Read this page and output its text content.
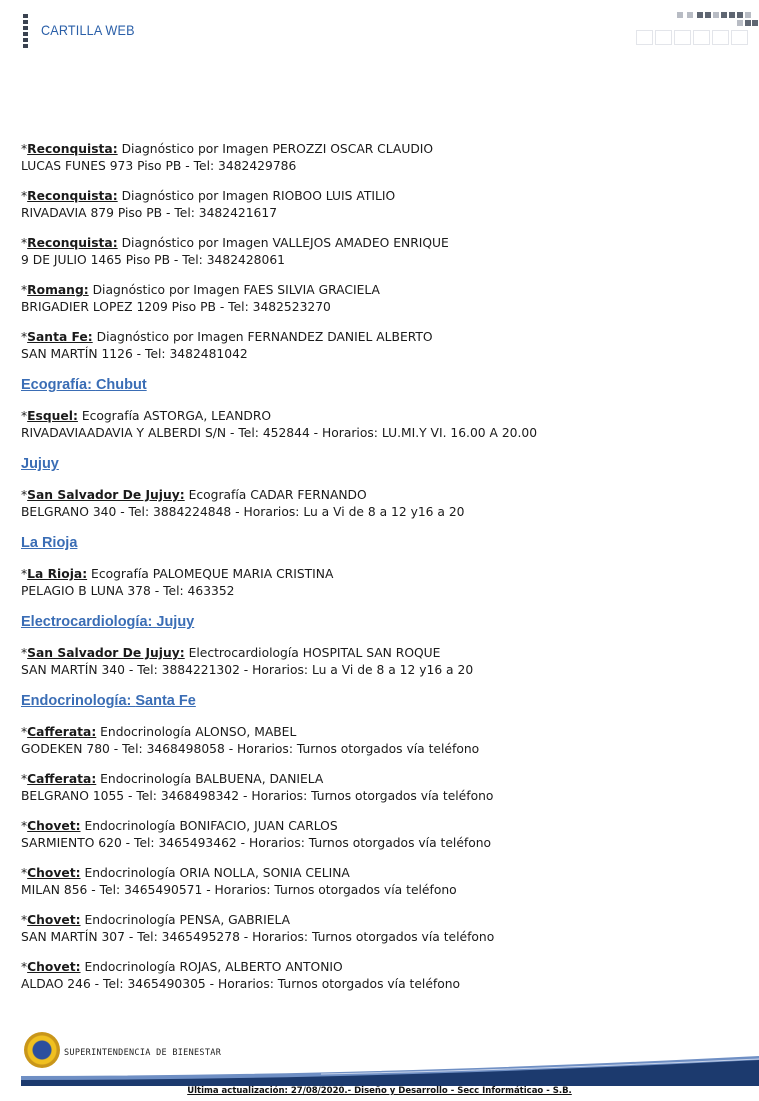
CARTILLA WEB
*Reconquista: Diagnóstico por Imagen PEROZZI OSCAR CLAUDIO
LUCAS FUNES 973 Piso PB - Tel: 3482429786
*Reconquista: Diagnóstico por Imagen RIOBOO LUIS ATILIO
RIVADAVIA 879 Piso PB - Tel: 3482421617
*Reconquista: Diagnóstico por Imagen VALLEJOS AMADEO ENRIQUE
9 DE JULIO 1465 Piso PB - Tel: 3482428061
*Romang: Diagnóstico por Imagen FAES SILVIA GRACIELA
BRIGADIER LOPEZ 1209 Piso PB - Tel: 3482523270
*Santa Fe: Diagnóstico por Imagen FERNANDEZ DANIEL ALBERTO
SAN MARTÍN 1126 - Tel: 3482481042
Ecografía: Chubut
*Esquel: Ecografía ASTORGA, LEANDRO
RIVADAVIAADAVIA Y ALBERDI S/N - Tel: 452844 - Horarios: LU.MI.Y VI. 16.00 A 20.00
Jujuy
*San Salvador De Jujuy: Ecografía CADAR FERNANDO
BELGRANO 340 - Tel: 3884224848 - Horarios: Lu a Vi de 8 a 12 y16 a 20
La Rioja
*La Rioja: Ecografía PALOMEQUE MARIA CRISTINA
PELAGIO B LUNA 378 - Tel: 463352
Electrocardiología: Jujuy
*San Salvador De Jujuy: Electrocardiología HOSPITAL SAN ROQUE
SAN MARTÍN 340 - Tel: 3884221302 - Horarios: Lu a Vi de 8 a 12 y16 a 20
Endocrinología: Santa Fe
*Cafferata: Endocrinología ALONSO, MABEL
GODEKEN 780 - Tel: 3468498058 - Horarios: Turnos otorgados vía teléfono
*Cafferata: Endocrinología BALBUENA, DANIELA
BELGRANO 1055 - Tel: 3468498342 - Horarios: Turnos otorgados vía teléfono
*Chovet: Endocrinología BONIFACIO, JUAN CARLOS
SARMIENTO 620 - Tel: 3465493462 - Horarios: Turnos otorgados vía teléfono
*Chovet: Endocrinología ORIA NOLLA, SONIA CELINA
MILAN 856 - Tel: 3465490571 - Horarios: Turnos otorgados vía teléfono
*Chovet: Endocrinología PENSA, GABRIELA
SAN MARTÍN 307 - Tel: 3465495278 - Horarios: Turnos otorgados vía teléfono
*Chovet: Endocrinología ROJAS, ALBERTO ANTONIO
ALDAO 246 - Tel: 3465490305 - Horarios: Turnos otorgados vía teléfono
SUPERINTENDENCIA DE BIENESTAR
Ultima actualización: 27/08/2020.- Diseño y Desarrollo - Secc Informáticao - S.B.
